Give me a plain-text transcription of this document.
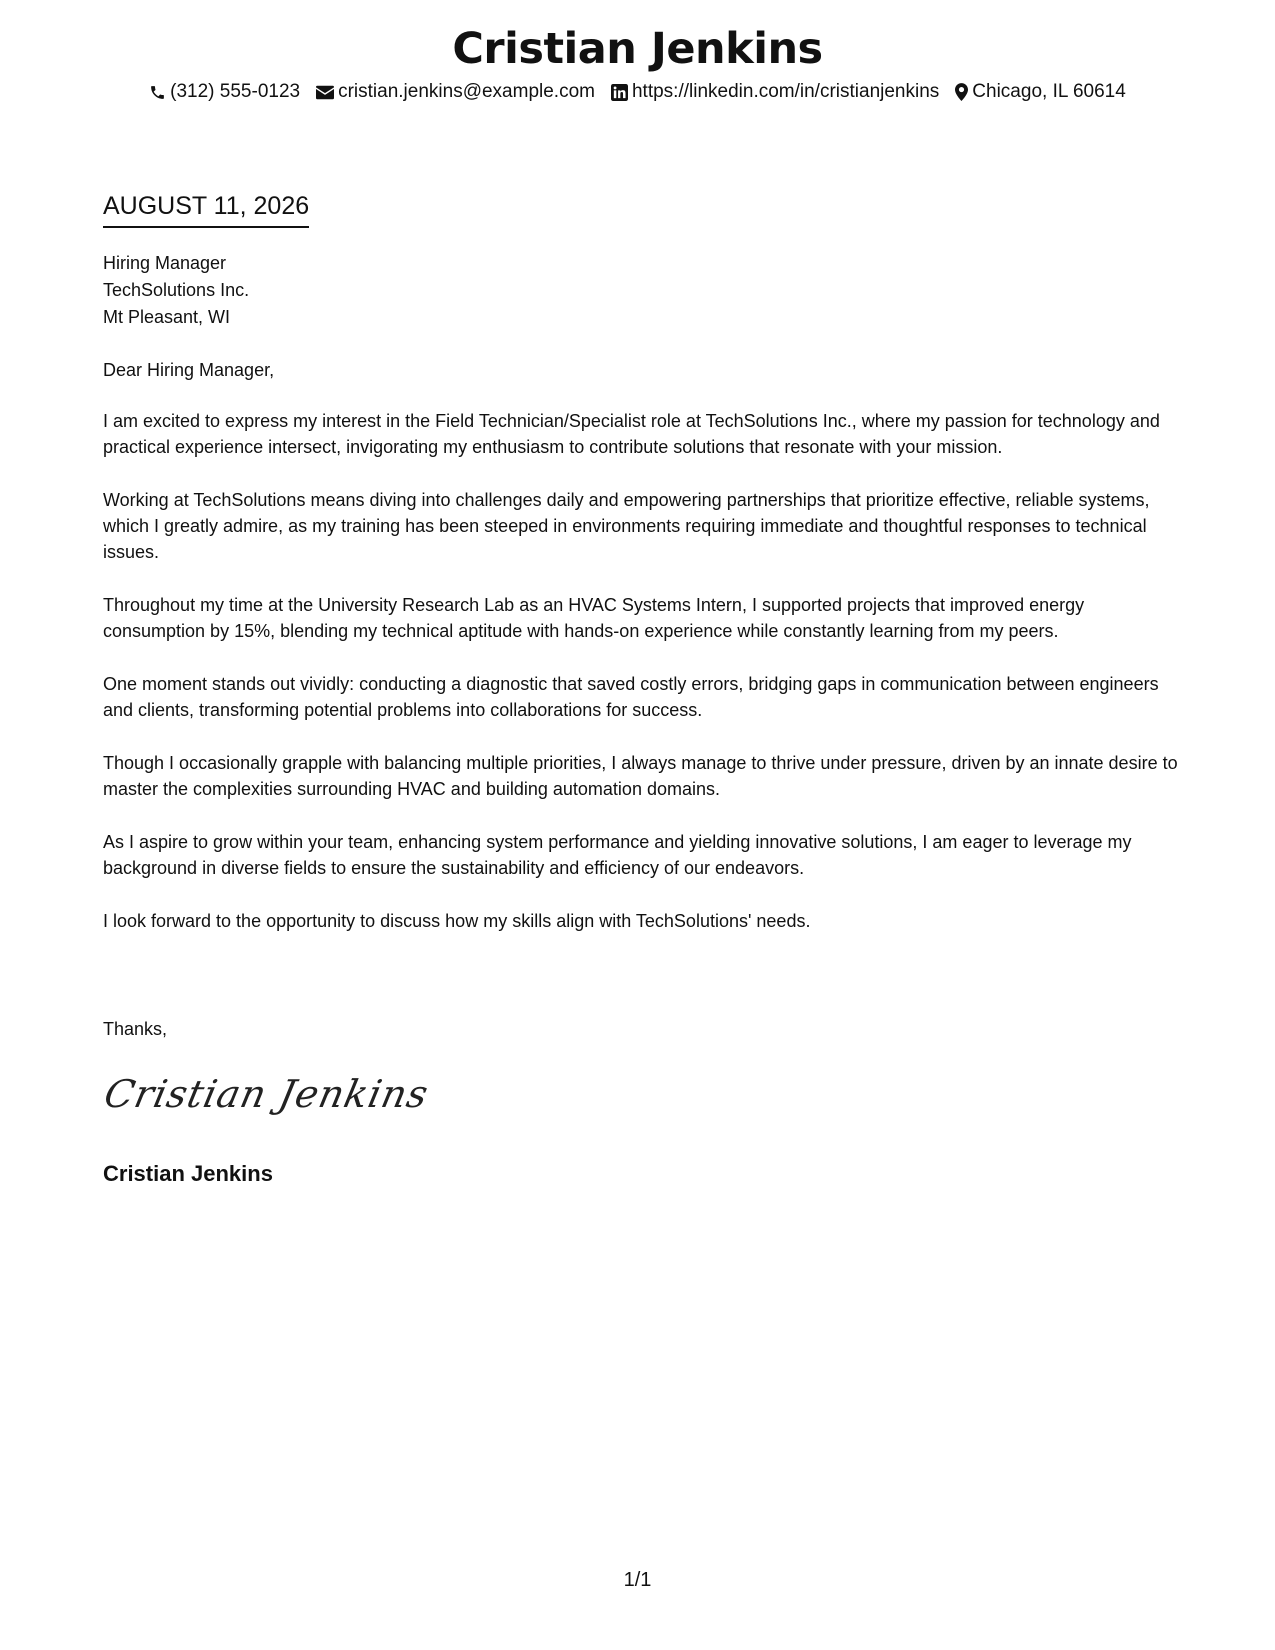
Cristian Jenkins
(312) 555-0123 cristian.jenkins@example.com https://linkedin.com/in/cristianjenkins Chicago, IL 60614
AUGUST 11, 2026
Hiring Manager
TechSolutions Inc.
Mt Pleasant, WI

Dear Hiring Manager,

I am excited to express my interest in the Field Technician/Specialist role at TechSolutions Inc., where my passion for technology and practical experience intersect, invigorating my enthusiasm to contribute solutions that resonate with your mission.

Working at TechSolutions means diving into challenges daily and empowering partnerships that prioritize effective, reliable systems, which I greatly admire, as my training has been steeped in environments requiring immediate and thoughtful responses to technical issues.

Throughout my time at the University Research Lab as an HVAC Systems Intern, I supported projects that improved energy consumption by 15%, blending my technical aptitude with hands-on experience while constantly learning from my peers.

One moment stands out vividly: conducting a diagnostic that saved costly errors, bridging gaps in communication between engineers and clients, transforming potential problems into collaborations for success.

Though I occasionally grapple with balancing multiple priorities, I always manage to thrive under pressure, driven by an innate desire to master the complexities surrounding HVAC and building automation domains.

As I aspire to grow within your team, enhancing system performance and yielding innovative solutions, I am eager to leverage my background in diverse fields to ensure the sustainability and efficiency of our endeavors.

I look forward to the opportunity to discuss how my skills align with TechSolutions' needs.

Thanks,
Cristian Jenkins
Cristian Jenkins
1/1
